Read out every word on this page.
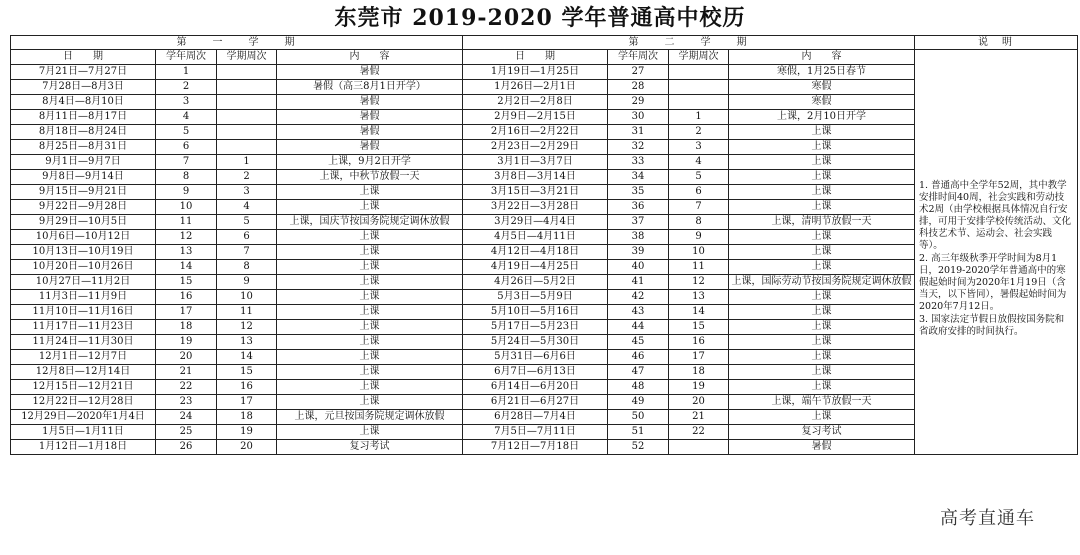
东莞市 2019-2020 学年普通高中校历
第　　一　　学　　期				第　　二　　学　　期				说　明
日　　期	学年周次	学期周次	内　　容	日　　期	学年周次	学期周次	内　　容	1. 普通高中全学年52周，其中教学安排时间40周，社会实践和劳动技术2周（由学校根据具体情况自行安排，可用于安排学校传统活动、文化科技艺术节、运动会、社会实践等）。

2. 高三年级秋季开学时间为8月1日，2019-2020学年普通高中的寒假起始时间为2020年1月19日（含当天，以下皆同），暑假起始时间为2020年7月12日。

3. 国家法定节假日放假按国务院和省政府安排的时间执行。

7月21日—7月27日	1		暑假	1月19日—1月25日	27		寒假，1月25日春节	
7月28日—8月3日	2		暑假（高三8月1日开学）	1月26日—2月1日	28		寒假	
8月4日—8月10日	3		暑假	2月2日—2月8日	29		寒假	
8月11日—8月17日	4		暑假	2月9日—2月15日	30	1	上课，2月10日开学	
8月18日—8月24日	5		暑假	2月16日—2月22日	31	2	上课	
8月25日—8月31日	6		暑假	2月23日—2月29日	32	3	上课	
9月1日—9月7日	7	1	上课，9月2日开学	3月1日—3月7日	33	4	上课	
9月8日—9月14日	8	2	上课，中秋节放假一天	3月8日—3月14日	34	5	上课	
9月15日—9月21日	9	3	上课	3月15日—3月21日	35	6	上课	
9月22日—9月28日	10	4	上课	3月22日—3月28日	36	7	上课	
9月29日—10月5日	11	5	上课，国庆节按国务院规定调休放假	3月29日—4月4日	37	8	上课，清明节放假一天	
10月6日—10月12日	12	6	上课	4月5日—4月11日	38	9	上课	
10月13日—10月19日	13	7	上课	4月12日—4月18日	39	10	上课	
10月20日—10月26日	14	8	上课	4月19日—4月25日	40	11	上课	
10月27日—11月2日	15	9	上课	4月26日—5月2日	41	12	上课，国际劳动节按国务院规定调休放假	
11月3日—11月9日	16	10	上课	5月3日—5月9日	42	13	上课	
11月10日—11月16日	17	11	上课	5月10日—5月16日	43	14	上课	
11月17日—11月23日	18	12	上课	5月17日—5月23日	44	15	上课	
11月24日—11月30日	19	13	上课	5月24日—5月30日	45	16	上课	
12月1日—12月7日	20	14	上课	5月31日—6月6日	46	17	上课	
12月8日—12月14日	21	15	上课	6月7日—6月13日	47	18	上课	
12月15日—12月21日	22	16	上课	6月14日—6月20日	48	19	上课	
12月22日—12月28日	23	17	上课	6月21日—6月27日	49	20	上课，端午节放假一天	
12月29日—2020年1月4日	24	18	上课，元旦按国务院规定调休放假	6月28日—7月4日	50	21	上课	
1月5日—1月11日	25	19	上课	7月5日—7月11日	51	22	复习考试	
1月12日—1月18日	26	20	复习考试	7月12日—7月18日	52		暑假	
高考直通车
